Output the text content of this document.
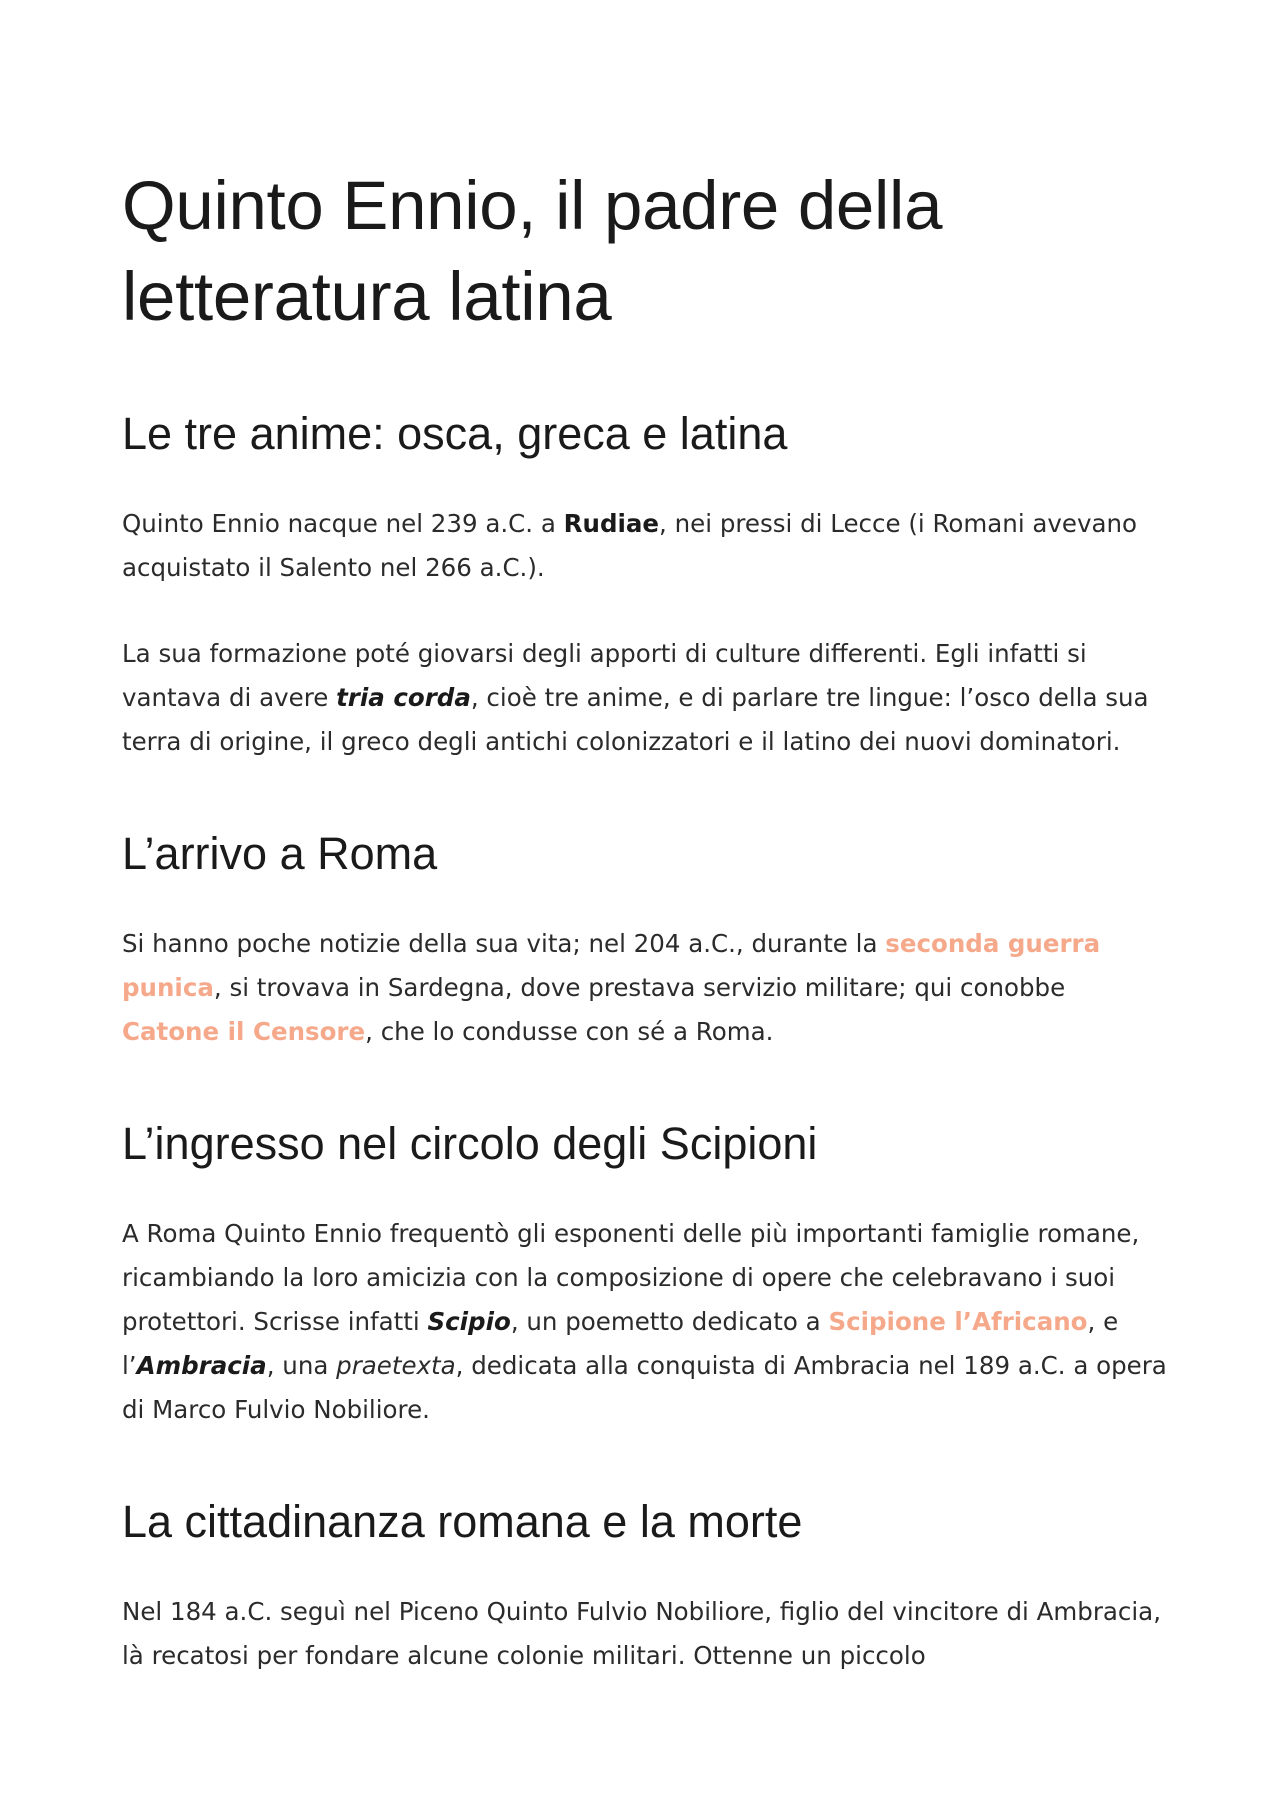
Quinto Ennio, il padre della letteratura latina
Le tre anime: osca, greca e latina

Quinto Ennio nacque nel 239 a.C. a Rudiae, nei pressi di Lecce (i Romani avevano acquistato il Salento nel 266 a.C.).

La sua formazione poté giovarsi degli apporti di culture differenti. Egli infatti si vantava di avere tria corda, cioè tre anime, e di parlare tre lingue: l’osco della sua terra di origine, il greco degli antichi colonizzatori e il latino dei nuovi dominatori.

L’arrivo a Roma

Si hanno poche notizie della sua vita; nel 204 a.C., durante la seconda guerra punica, si trovava in Sardegna, dove prestava servizio militare; qui conobbe Catone il Censore, che lo condusse con sé a Roma.

L’ingresso nel circolo degli Scipioni

A Roma Quinto Ennio frequentò gli esponenti delle più importanti famiglie romane, ricambiando la loro amicizia con la composizione di opere che celebravano i suoi protettori. Scrisse infatti Scipio, un poemetto dedicato a Scipione l’Africano, e l’Ambracia, una praetexta, dedicata alla conquista di Ambracia nel 189 a.C. a opera di Marco Fulvio Nobiliore.

La cittadinanza romana e la morte

Nel 184 a.C. seguì nel Piceno Quinto Fulvio Nobiliore, figlio del vincitore di Ambracia, là recatosi per fondare alcune colonie militari. Ottenne un piccolo
